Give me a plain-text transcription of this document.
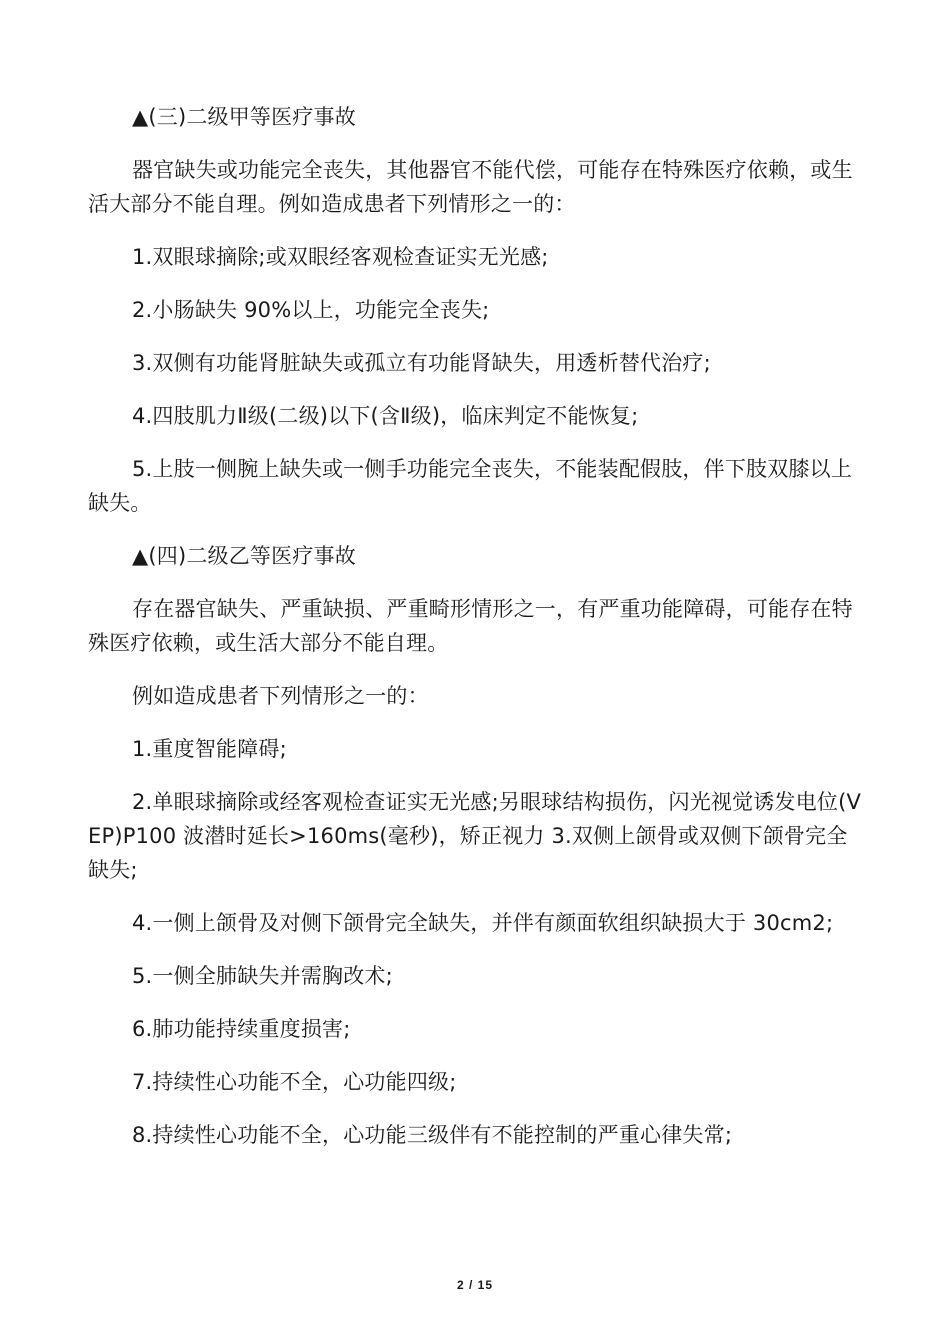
▲(三)二级甲等医疗事故

器官缺失或功能完全丧失，其他器官不能代偿，可能存在特殊医疗依赖，或生活大部分不能自理。例如造成患者下列情形之一的：

1.双眼球摘除;或双眼经客观检查证实无光感;

2.小肠缺失 90%以上，功能完全丧失;

3.双侧有功能肾脏缺失或孤立有功能肾缺失，用透析替代治疗;

4.四肢肌力Ⅱ级(二级)以下(含Ⅱ级)，临床判定不能恢复;

5.上肢一侧腕上缺失或一侧手功能完全丧失，不能装配假肢，伴下肢双膝以上缺失。

▲(四)二级乙等医疗事故

存在器官缺失、严重缺损、严重畸形情形之一，有严重功能障碍，可能存在特殊医疗依赖，或生活大部分不能自理。

例如造成患者下列情形之一的：

1.重度智能障碍;

2.单眼球摘除或经客观检查证实无光感;另眼球结构损伤，闪光视觉诱发电位(VEP)P100 波潜时延长>160ms(毫秒)，矫正视力 3.双侧上颌骨或双侧下颌骨完全缺失;

4.一侧上颌骨及对侧下颌骨完全缺失，并伴有颜面软组织缺损大于 30cm2;

5.一侧全肺缺失并需胸改术;

6.肺功能持续重度损害;

7.持续性心功能不全，心功能四级;

8.持续性心功能不全，心功能三级伴有不能控制的严重心律失常;

2 / 15
